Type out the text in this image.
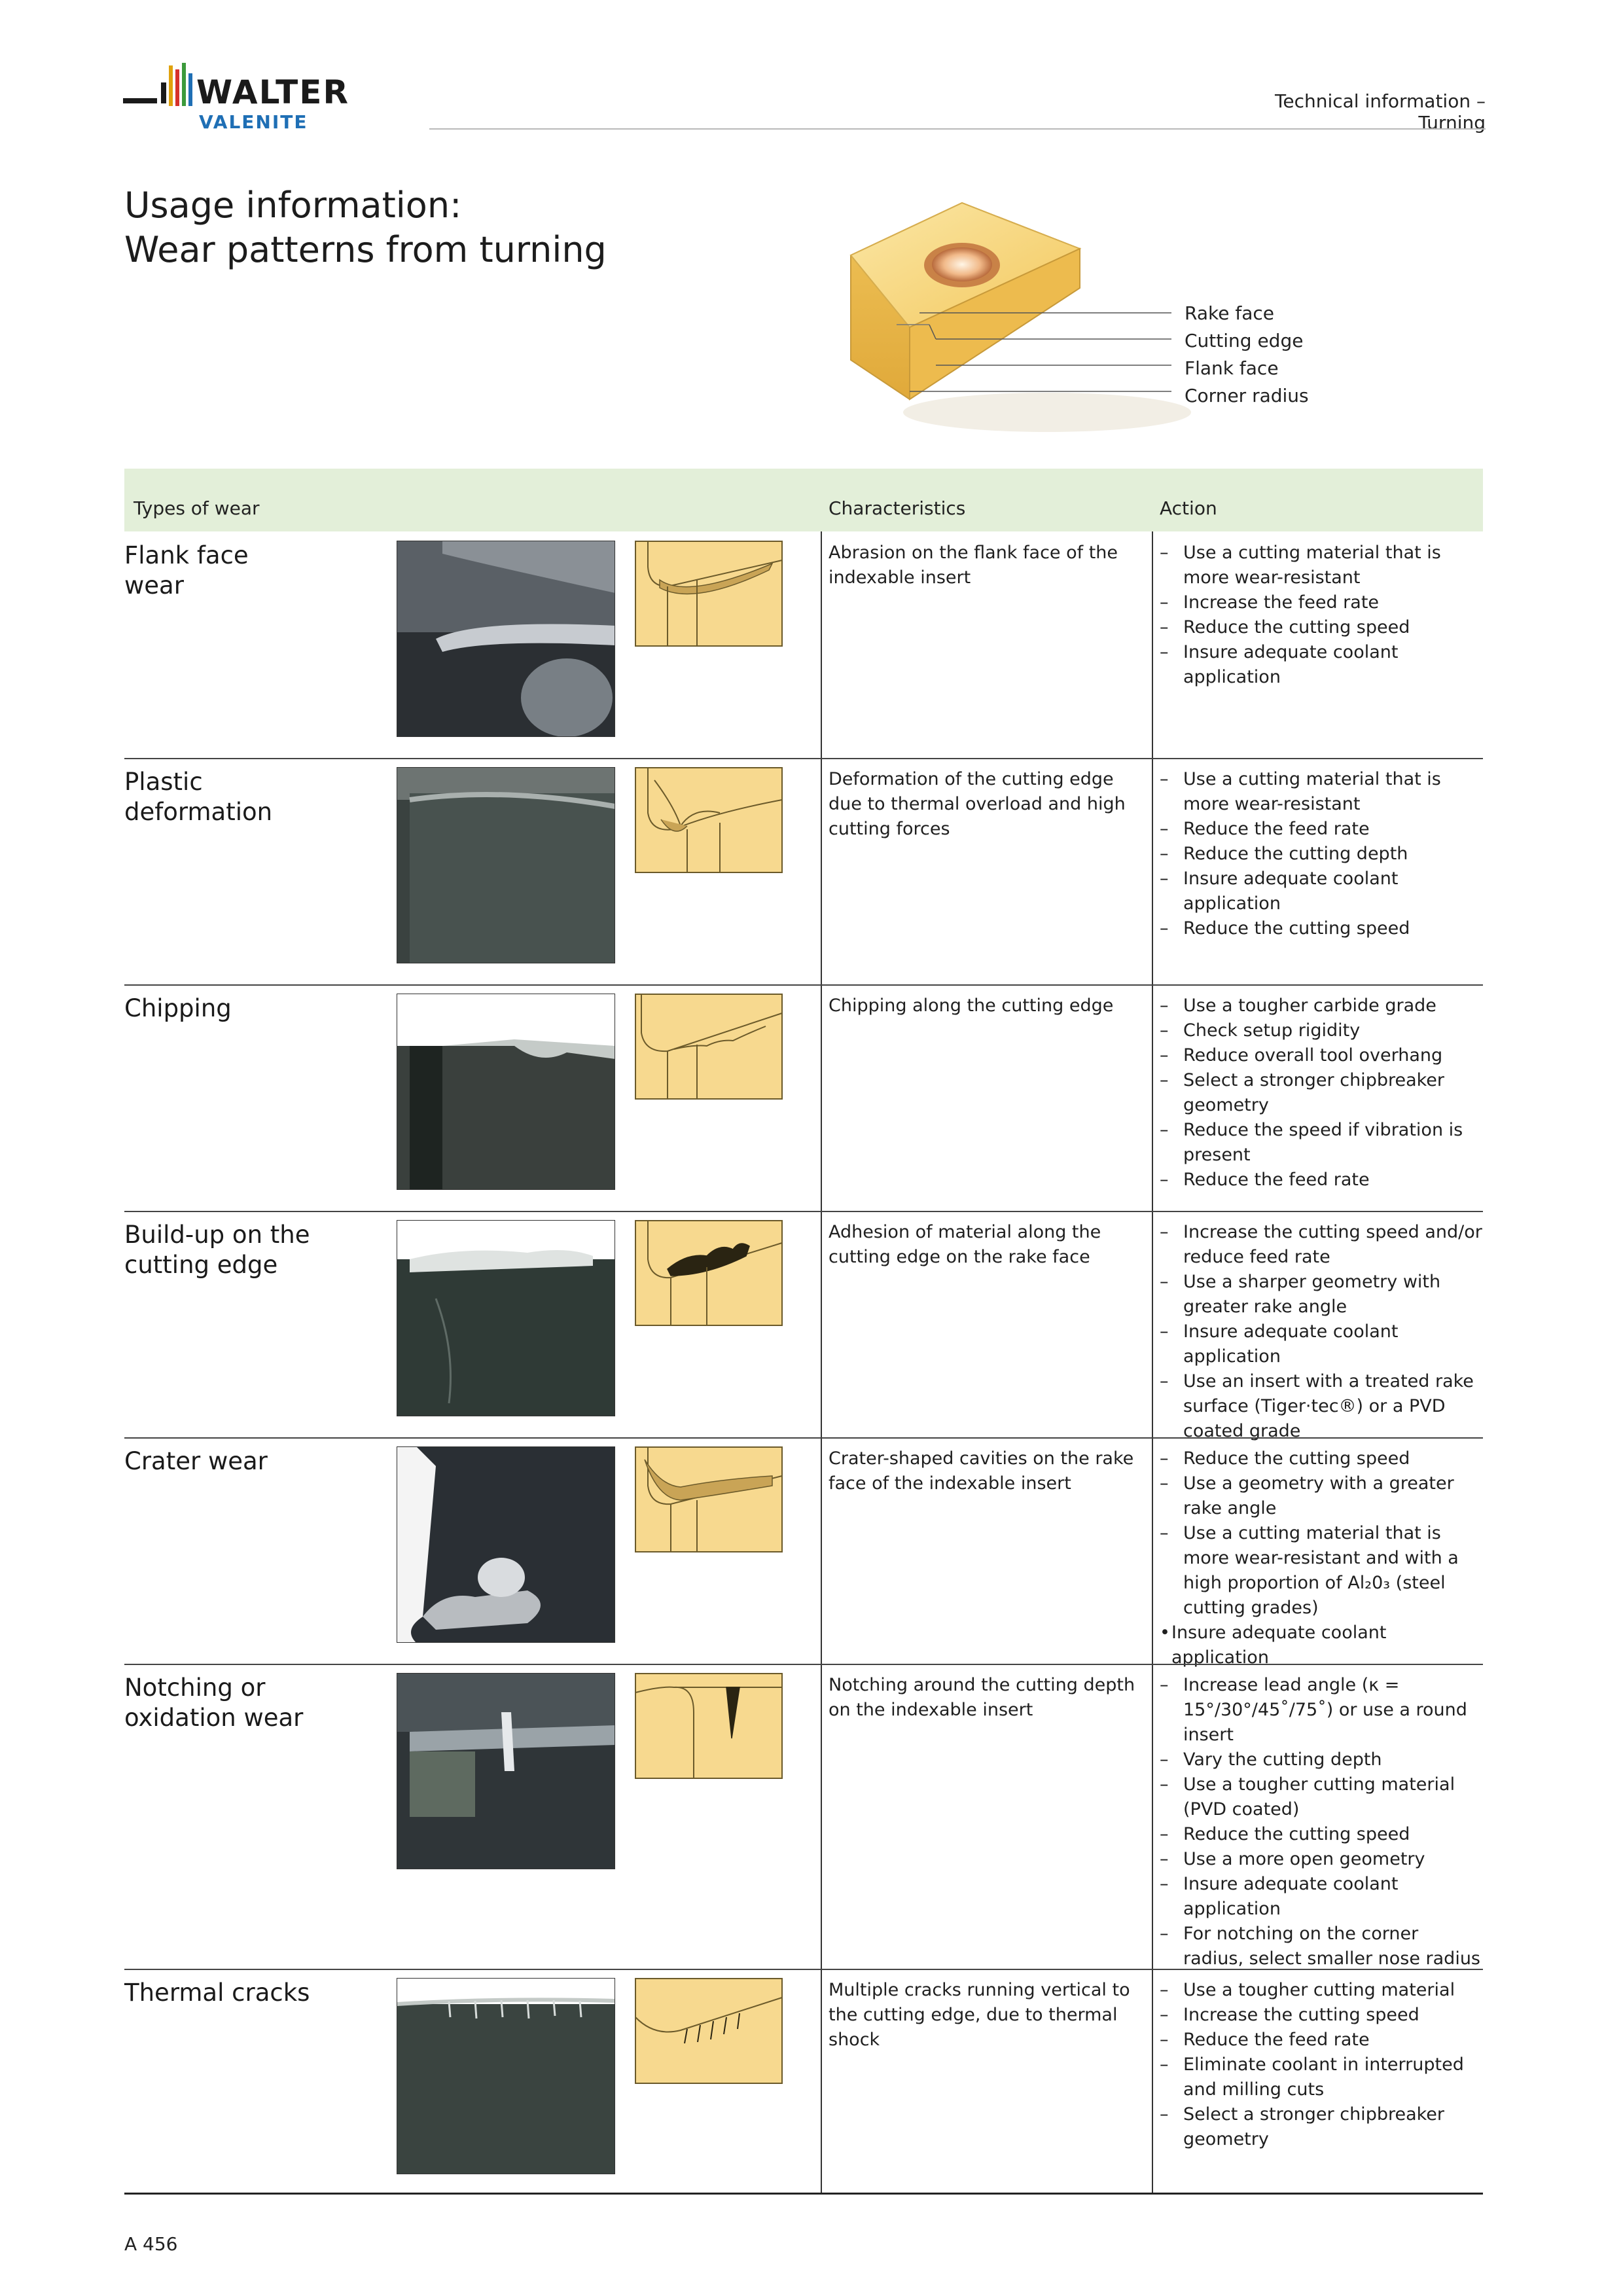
WALTER
VALENITE
Technical information – Turning
Usage information:
Wear patterns from turning
Rake face
Cutting edge
Flank face
Corner radius
Types of wear	Characteristics	Action
Flank face
wear
Abrasion on the flank face of the indexable insert
– Use a cutting material that is more wear-resistant
– Increase the feed rate
– Reduce the cutting speed
– Insure adequate coolant application
Plastic
deformation
Deformation of the cutting edge due to thermal overload and high cutting forces
– Use a cutting material that is more wear-resistant
– Reduce the feed rate
– Reduce the cutting depth
– Insure adequate coolant application
– Reduce the cutting speed
Chipping	Chipping along the cutting edge
–	Use a tougher carbide grade
– Check setup rigidity
– Reduce overall tool overhang
– Select a stronger chipbreaker geometry
– Reduce the speed if vibration is present
– Reduce the feed rate
Build-up on the
cutting edge
Adhesion of material along the cutting edge on the rake face
– Increase the cutting speed and/or reduce feed rate
– Use a sharper geometry with greater rake angle
– Insure adequate coolant application
– Use an insert with a treated rake surface (Tiger·tec®) or a PVD coated grade
Crater wear	Crater-shaped cavities on the rake face of the indexable insert
– Reduce the cutting speed
– Use a geometry with a greater rake angle
– Use a cutting material that is more wear-resistant and with a high proportion of Al₂0₃ (steel cutting grades)
• Insure adequate coolant application
Notching or
oxidation wear
Notching around the cutting depth on the indexable insert
– Increase lead angle (κ = 15°/30°/45˚/75˚) or use a round insert
– Vary the cutting depth
– Use a tougher cutting material (PVD coated)
– Reduce the cutting speed
– Use a more open geometry
– Insure adequate coolant application
– For notching on the corner radius, select smaller nose radius
Thermal cracks	Multiple cracks running vertical to the cutting edge, due to thermal shock
– Use a tougher cutting material
– Increase the cutting speed
– Reduce the feed rate
– Eliminate coolant in interrupted and milling cuts
– Select a stronger chipbreaker geometry
A 456
